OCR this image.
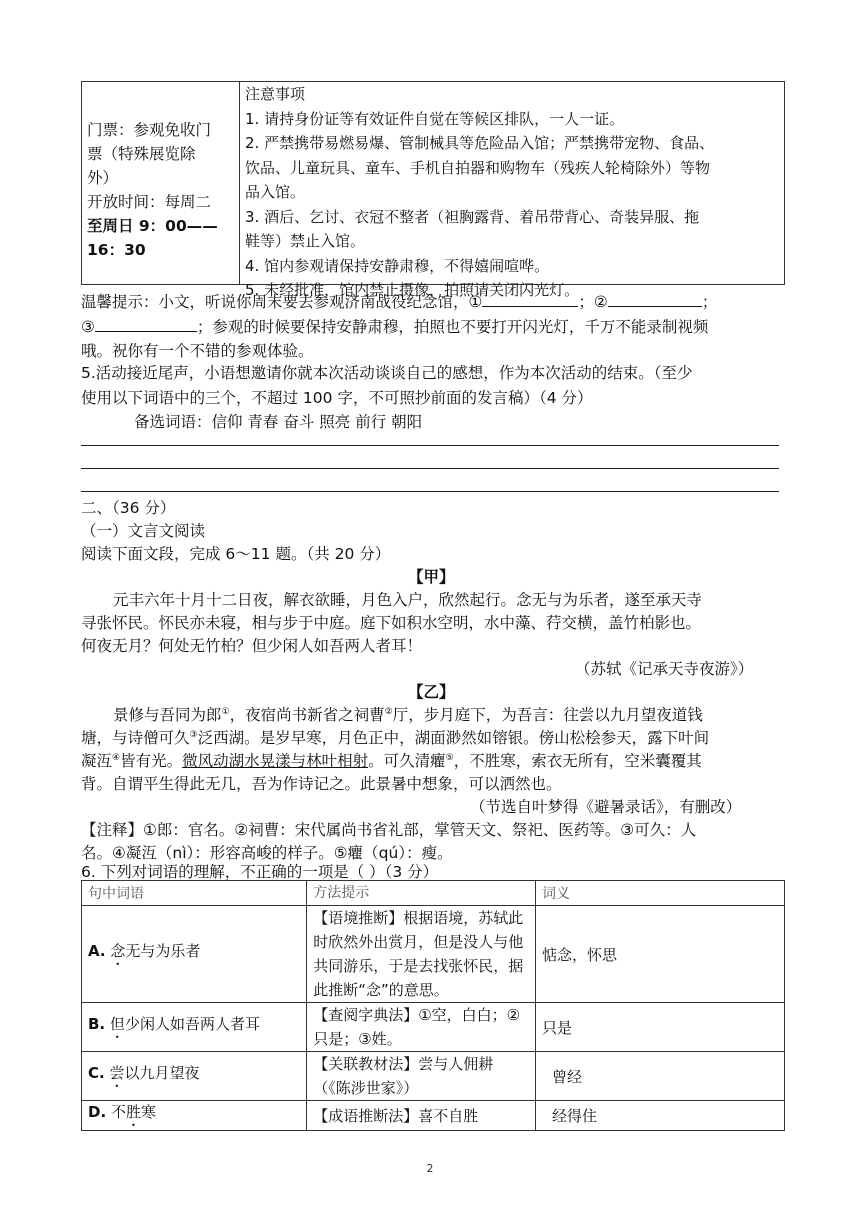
门票：参观免收门
票（特殊展览除
外）
开放时间：每周二
至周日 9：00——
16：30
注意事项
1. 请持身份证等有效证件自觉在等候区排队，一人一证。
2. 严禁携带易燃易爆、管制械具等危险品入馆；严禁携带宠物、食品、
饮品、儿童玩具、童车、手机自拍器和购物车（残疾人轮椅除外）等物
品入馆。
3. 酒后、乞讨、衣冠不整者（袒胸露背、着吊带背心、奇装异服、拖
鞋等）禁止入馆。
4. 馆内参观请保持安静肃穆，不得嬉闹喧哗。
5. 未经批准，馆内禁止摄像，拍照请关闭闪光灯。
温馨提示：小文，听说你周末要去参观济南战役纪念馆，①	；②	；
③	；参观的时候要保持安静肃穆，拍照也不要打开闪光灯，千万不能录制视频
哦。祝你有一个不错的参观体验。
5.活动接近尾声，小语想邀请你就本次活动谈谈自己的感想，作为本次活动的结束。（至少
使用以下词语中的三个，不超过 100 字，不可照抄前面的发言稿）（4 分）
备选词语：信仰 青春 奋斗 照亮 前行 朝阳
二、（36 分）
（一）文言文阅读
阅读下面文段，完成 6～11 题。（共 20 分）
【甲】
元丰六年十月十二日夜，解衣欲睡，月色入户，欣然起行。念无与为乐者，遂至承天寺
寻张怀民。怀民亦未寝，相与步于中庭。庭下如积水空明，水中藻、荇交横，盖竹柏影也。
何夜无月？何处无竹柏？但少闲人如吾两人者耳！
（苏轼《记承天寺夜游》）
【乙】
景修与吾同为郎①，夜宿尚书新省之祠曹②厅，步月庭下，为吾言：往尝以九月望夜道钱
塘，与诗僧可久③泛西湖。是岁早寒，月色正中，湖面渺然如镕银。傍山松桧参天，露下叶间
凝沍④皆有光。微风动湖水晃漾与林叶相射。可久清癯⑤，不胜寒，索衣无所有，空米囊覆其
背。自谓平生得此无几，吾为作诗记之。此景暑中想象，可以洒然也。
（节选自叶梦得《避暑录话》，有删改）
【注释】①郎：官名。②祠曹：宋代属尚书省礼部，掌管天文、祭祀、医药等。③可久：人
名。④凝沍（nì）：形容高峻的样子。⑤癯（qú）：瘦。
6. 下列对词语的理解，不正确的一项是（ ）（3 分）
句中词语	方法提示	词义
A. 念无与为乐者	【语境推断】根据语境，苏轼此时欣然外出赏月，但是没人与他共同游乐，于是去找张怀民，据此推断“念”的意思。	惦念，怀思
B. 但少闲人如吾两人者耳	【查阅字典法】①空，白白；②只是；③姓。	只是
C. 尝以九月望夜	【关联教材法】尝与人佣耕（《陈涉世家》）	曾经
D. 不胜寒	【成语推断法】喜不自胜	经得住
2
